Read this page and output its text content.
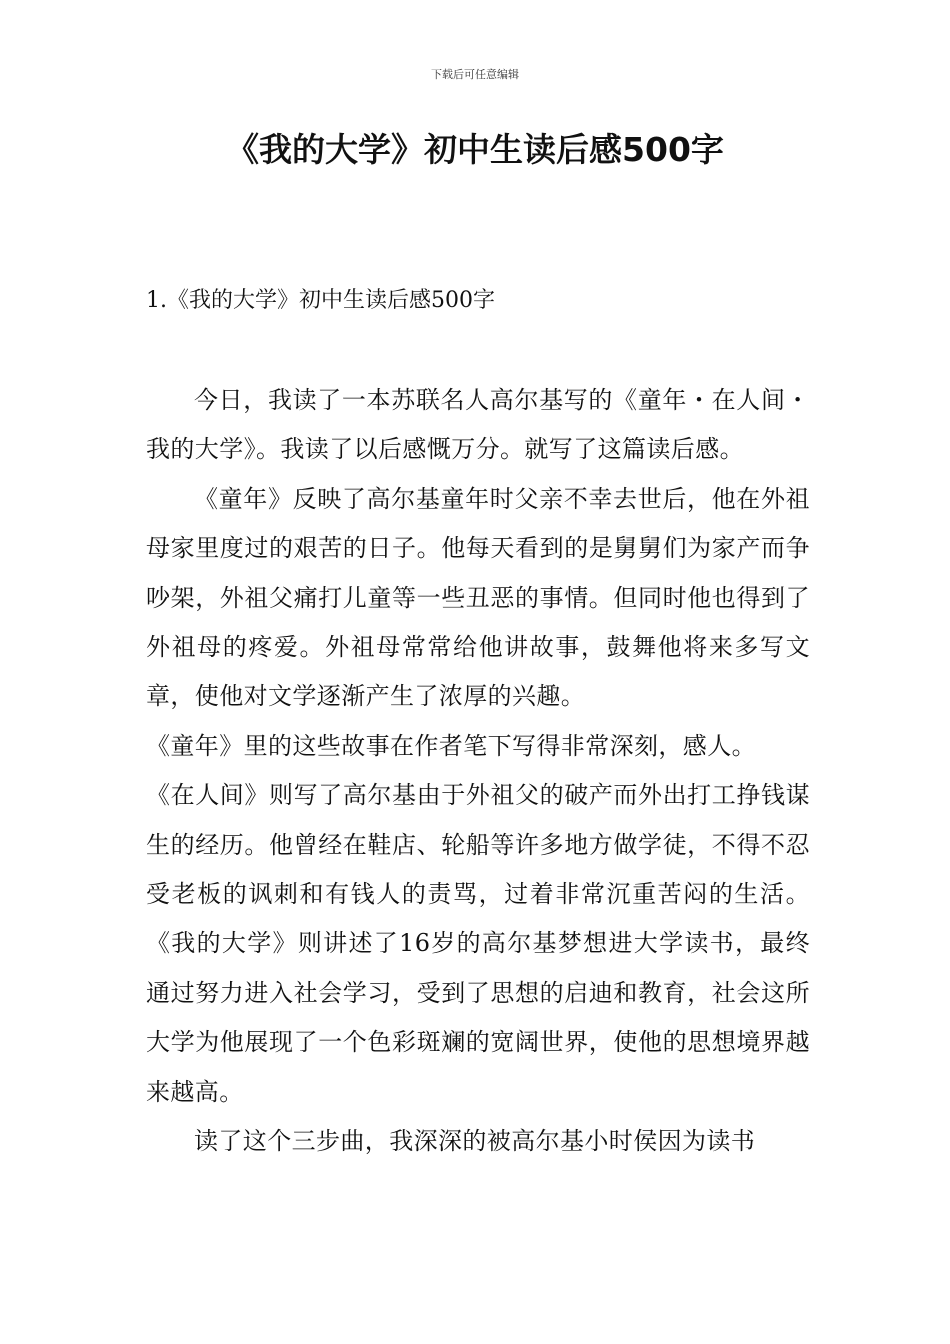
下载后可任意编辑
《我的大学》初中生读后感500字
1.《我的大学》初中生读后感500字

今日，我读了一本苏联名人高尔基写的《童年・在人间・我的大学》。我读了以后感慨万分。就写了这篇读后感。

《童年》反映了高尔基童年时父亲不幸去世后，他在外祖母家里度过的艰苦的日子。他每天看到的是舅舅们为家产而争吵架，外祖父痛打儿童等一些丑恶的事情。但同时他也得到了外祖母的疼爱。外祖母常常给他讲故事，鼓舞他将来多写文章，使他对文学逐渐产生了浓厚的兴趣。

《童年》里的这些故事在作者笔下写得非常深刻，感人。

《在人间》则写了高尔基由于外祖父的破产而外出打工挣钱谋生的经历。他曾经在鞋店、轮船等许多地方做学徒，不得不忍受老板的讽刺和有钱人的责骂，过着非常沉重苦闷的生活。《我的大学》则讲述了16岁的高尔基梦想进大学读书，最终通过努力进入社会学习，受到了思想的启迪和教育，社会这所大学为他展现了一个色彩斑斓的宽阔世界，使他的思想境界越来越高。

读了这个三步曲，我深深的被高尔基小时侯因为读书
